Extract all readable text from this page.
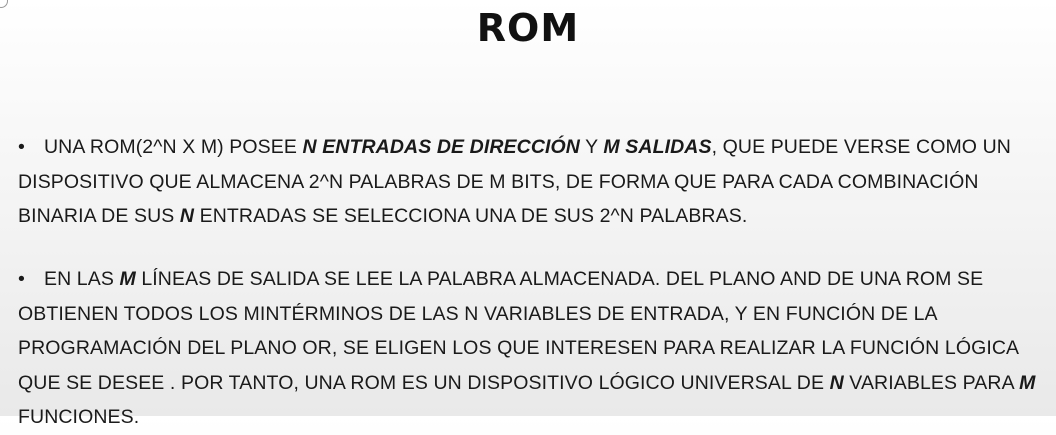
ROM
• UNA ROM(2^N X M) POSEE N ENTRADAS DE DIRECCIÓN Y M SALIDAS, QUE PUEDE VERSE COMO UN DISPOSITIVO QUE ALMACENA 2^N PALABRAS DE M BITS, DE FORMA QUE PARA CADA COMBINACIÓN BINARIA DE SUS N ENTRADAS SE SELECCIONA UNA DE SUS 2^N PALABRAS.
• EN LAS M LÍNEAS DE SALIDA SE LEE LA PALABRA ALMACENADA. DEL PLANO AND DE UNA ROM SE OBTIENEN TODOS LOS MINTÉRMINOS DE LAS N VARIABLES DE ENTRADA, Y EN FUNCIÓN DE LA PROGRAMACIÓN DEL PLANO OR, SE ELIGEN LOS QUE INTERESEN PARA REALIZAR LA FUNCIÓN LÓGICA QUE SE DESEE . POR TANTO, UNA ROM ES UN DISPOSITIVO LÓGICO UNIVERSAL DE N VARIABLES PARA M FUNCIONES.
